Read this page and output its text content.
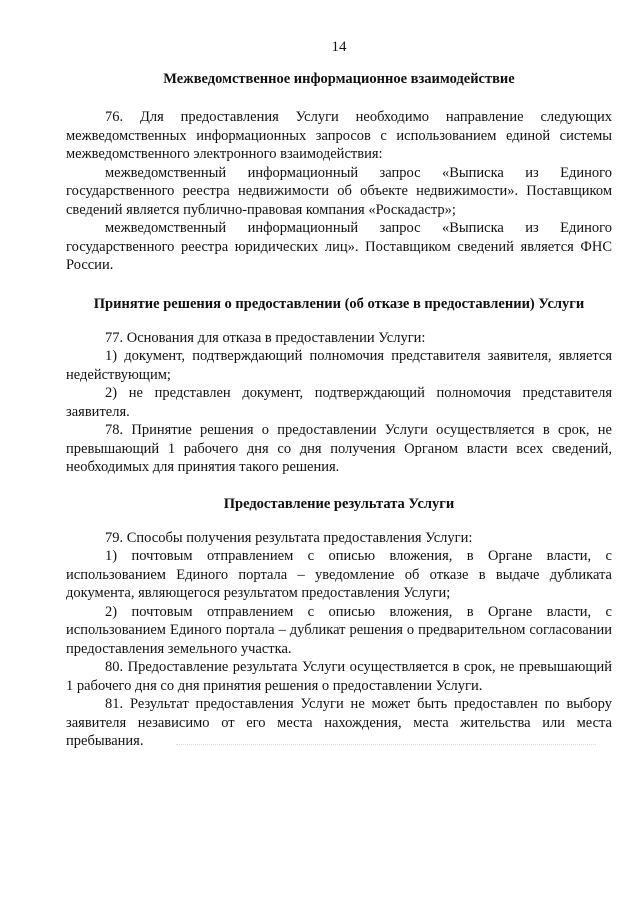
14
Межведомственное информационное взаимодействие

76. Для предоставления Услуги необходимо направление следующих межведомственных информационных запросов с использованием единой системы межведомственного электронного взаимодействия:

межведомственный информационный запрос «Выписка из Единого государственного реестра недвижимости об объекте недвижимости». Поставщиком сведений является публично-правовая компания «Роскадастр»;

межведомственный информационный запрос «Выписка из Единого государственного реестра юридических лиц». Поставщиком сведений является ФНС России.

Принятие решения о предоставлении (об отказе в предоставлении) Услуги

77. Основания для отказа в предоставлении Услуги:

1) документ, подтверждающий полномочия представителя заявителя, является недействующим;

2) не представлен документ, подтверждающий полномочия представителя заявителя.

78. Принятие решения о предоставлении Услуги осуществляется в срок, не превышающий 1 рабочего дня со дня получения Органом власти всех сведений, необходимых для принятия такого решения.

Предоставление результата Услуги

79. Способы получения результата предоставления Услуги:

1) почтовым отправлением с описью вложения, в Органе власти, с использованием Единого портала – уведомление об отказе в выдаче дубликата документа, являющегося результатом предоставления Услуги;

2) почтовым отправлением с описью вложения, в Органе власти, с использованием Единого портала – дубликат решения о предварительном согласовании предоставления земельного участка.

80. Предоставление результата Услуги осуществляется в срок, не превышающий 1 рабочего дня со дня принятия решения о предоставлении Услуги.

81. Результат предоставления Услуги не может быть предоставлен по выбору заявителя независимо от его места нахождения, места жительства или места пребывания.
